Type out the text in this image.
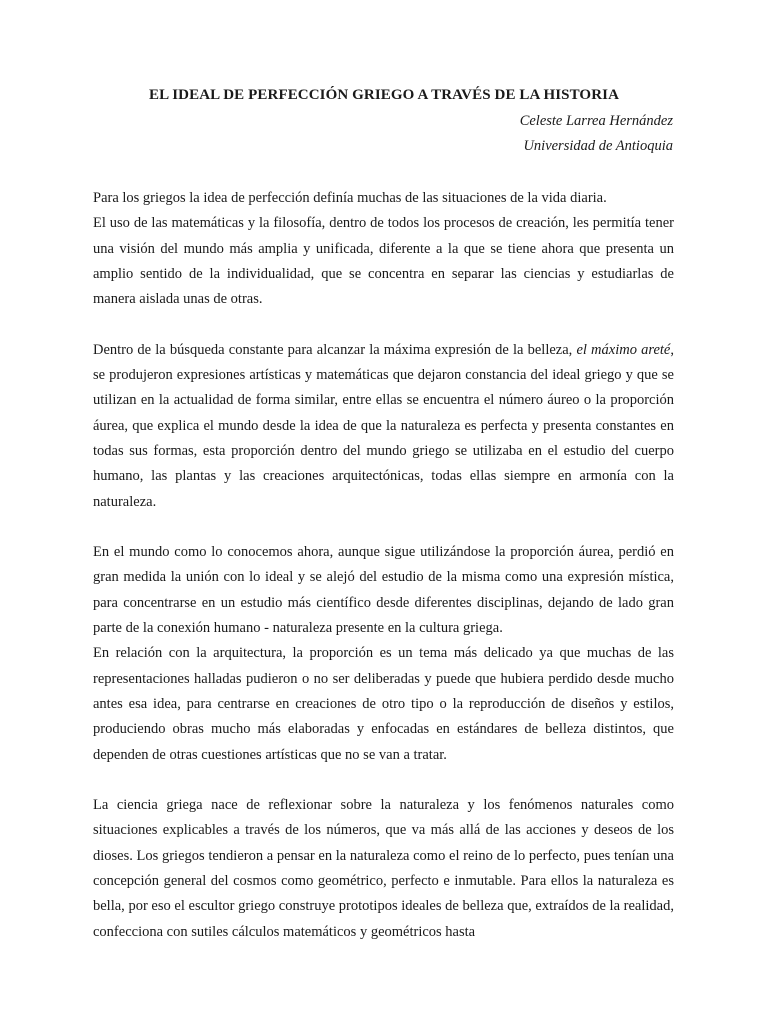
EL IDEAL DE PERFECCIÓN GRIEGO A TRAVÉS DE LA HISTORIA
Celeste Larrea Hernández
Universidad de Antioquia

Para los griegos la idea de perfección definía muchas de las situaciones de la vida diaria.

El uso de las matemáticas y la filosofía, dentro de todos los procesos de creación, les permitía tener una visión del mundo más amplia y unificada, diferente a la que se tiene ahora que presenta un amplio sentido de la individualidad, que se concentra en separar las ciencias y estudiarlas de manera aislada unas de otras.

Dentro de la búsqueda constante para alcanzar la máxima expresión de la belleza, el máximo areté, se produjeron expresiones artísticas y matemáticas que dejaron constancia del ideal griego y que se utilizan en la actualidad de forma similar, entre ellas se encuentra el número áureo o la proporción áurea, que explica el mundo desde la idea de que la naturaleza es perfecta y presenta constantes en todas sus formas, esta proporción dentro del mundo griego se utilizaba en el estudio del cuerpo humano, las plantas y las creaciones arquitectónicas, todas ellas siempre en armonía con la naturaleza.

En el mundo como lo conocemos ahora, aunque sigue utilizándose la proporción áurea, perdió en gran medida la unión con lo ideal y se alejó del estudio de la misma como una expresión mística, para concentrarse en un estudio más científico desde diferentes disciplinas, dejando de lado gran parte de la conexión humano - naturaleza presente en la cultura griega.

En relación con la arquitectura, la proporción es un tema más delicado ya que muchas de las representaciones halladas pudieron o no ser deliberadas y puede que hubiera perdido desde mucho antes esa idea, para centrarse en creaciones de otro tipo o la reproducción de diseños y estilos, produciendo obras mucho más elaboradas y enfocadas en estándares de belleza distintos, que dependen de otras cuestiones artísticas que no se van a tratar.

La ciencia griega nace de reflexionar sobre la naturaleza y los fenómenos naturales como situaciones explicables a través de los números, que va más allá de las acciones y deseos de los dioses. Los griegos tendieron a pensar en la naturaleza como el reino de lo perfecto, pues tenían una concepción general del cosmos como geométrico, perfecto e inmutable. Para ellos la naturaleza es bella, por eso el escultor griego construye prototipos ideales de belleza que, extraídos de la realidad, confecciona con sutiles cálculos matemáticos y geométricos hasta
